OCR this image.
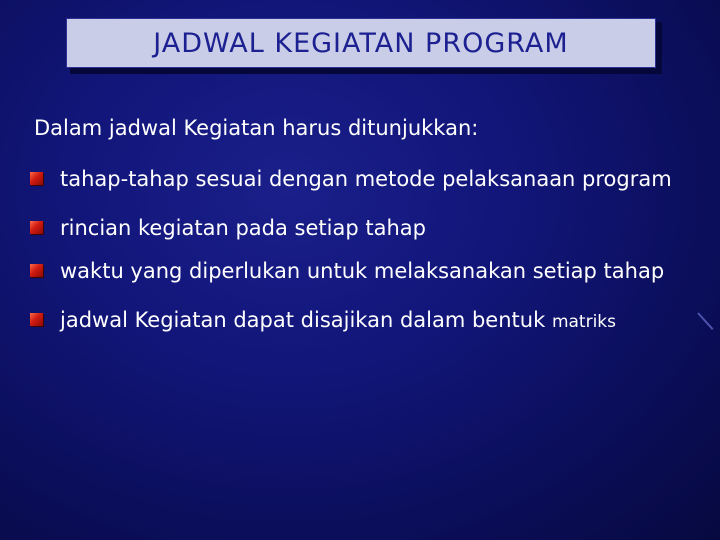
JADWAL KEGIATAN PROGRAM
Dalam jadwal Kegiatan harus ditunjukkan:
tahap-tahap sesuai dengan metode pelaksanaan program
rincian kegiatan pada setiap tahap
waktu yang diperlukan untuk melaksanakan setiap tahap
jadwal Kegiatan dapat disajikan dalam bentuk matriks
